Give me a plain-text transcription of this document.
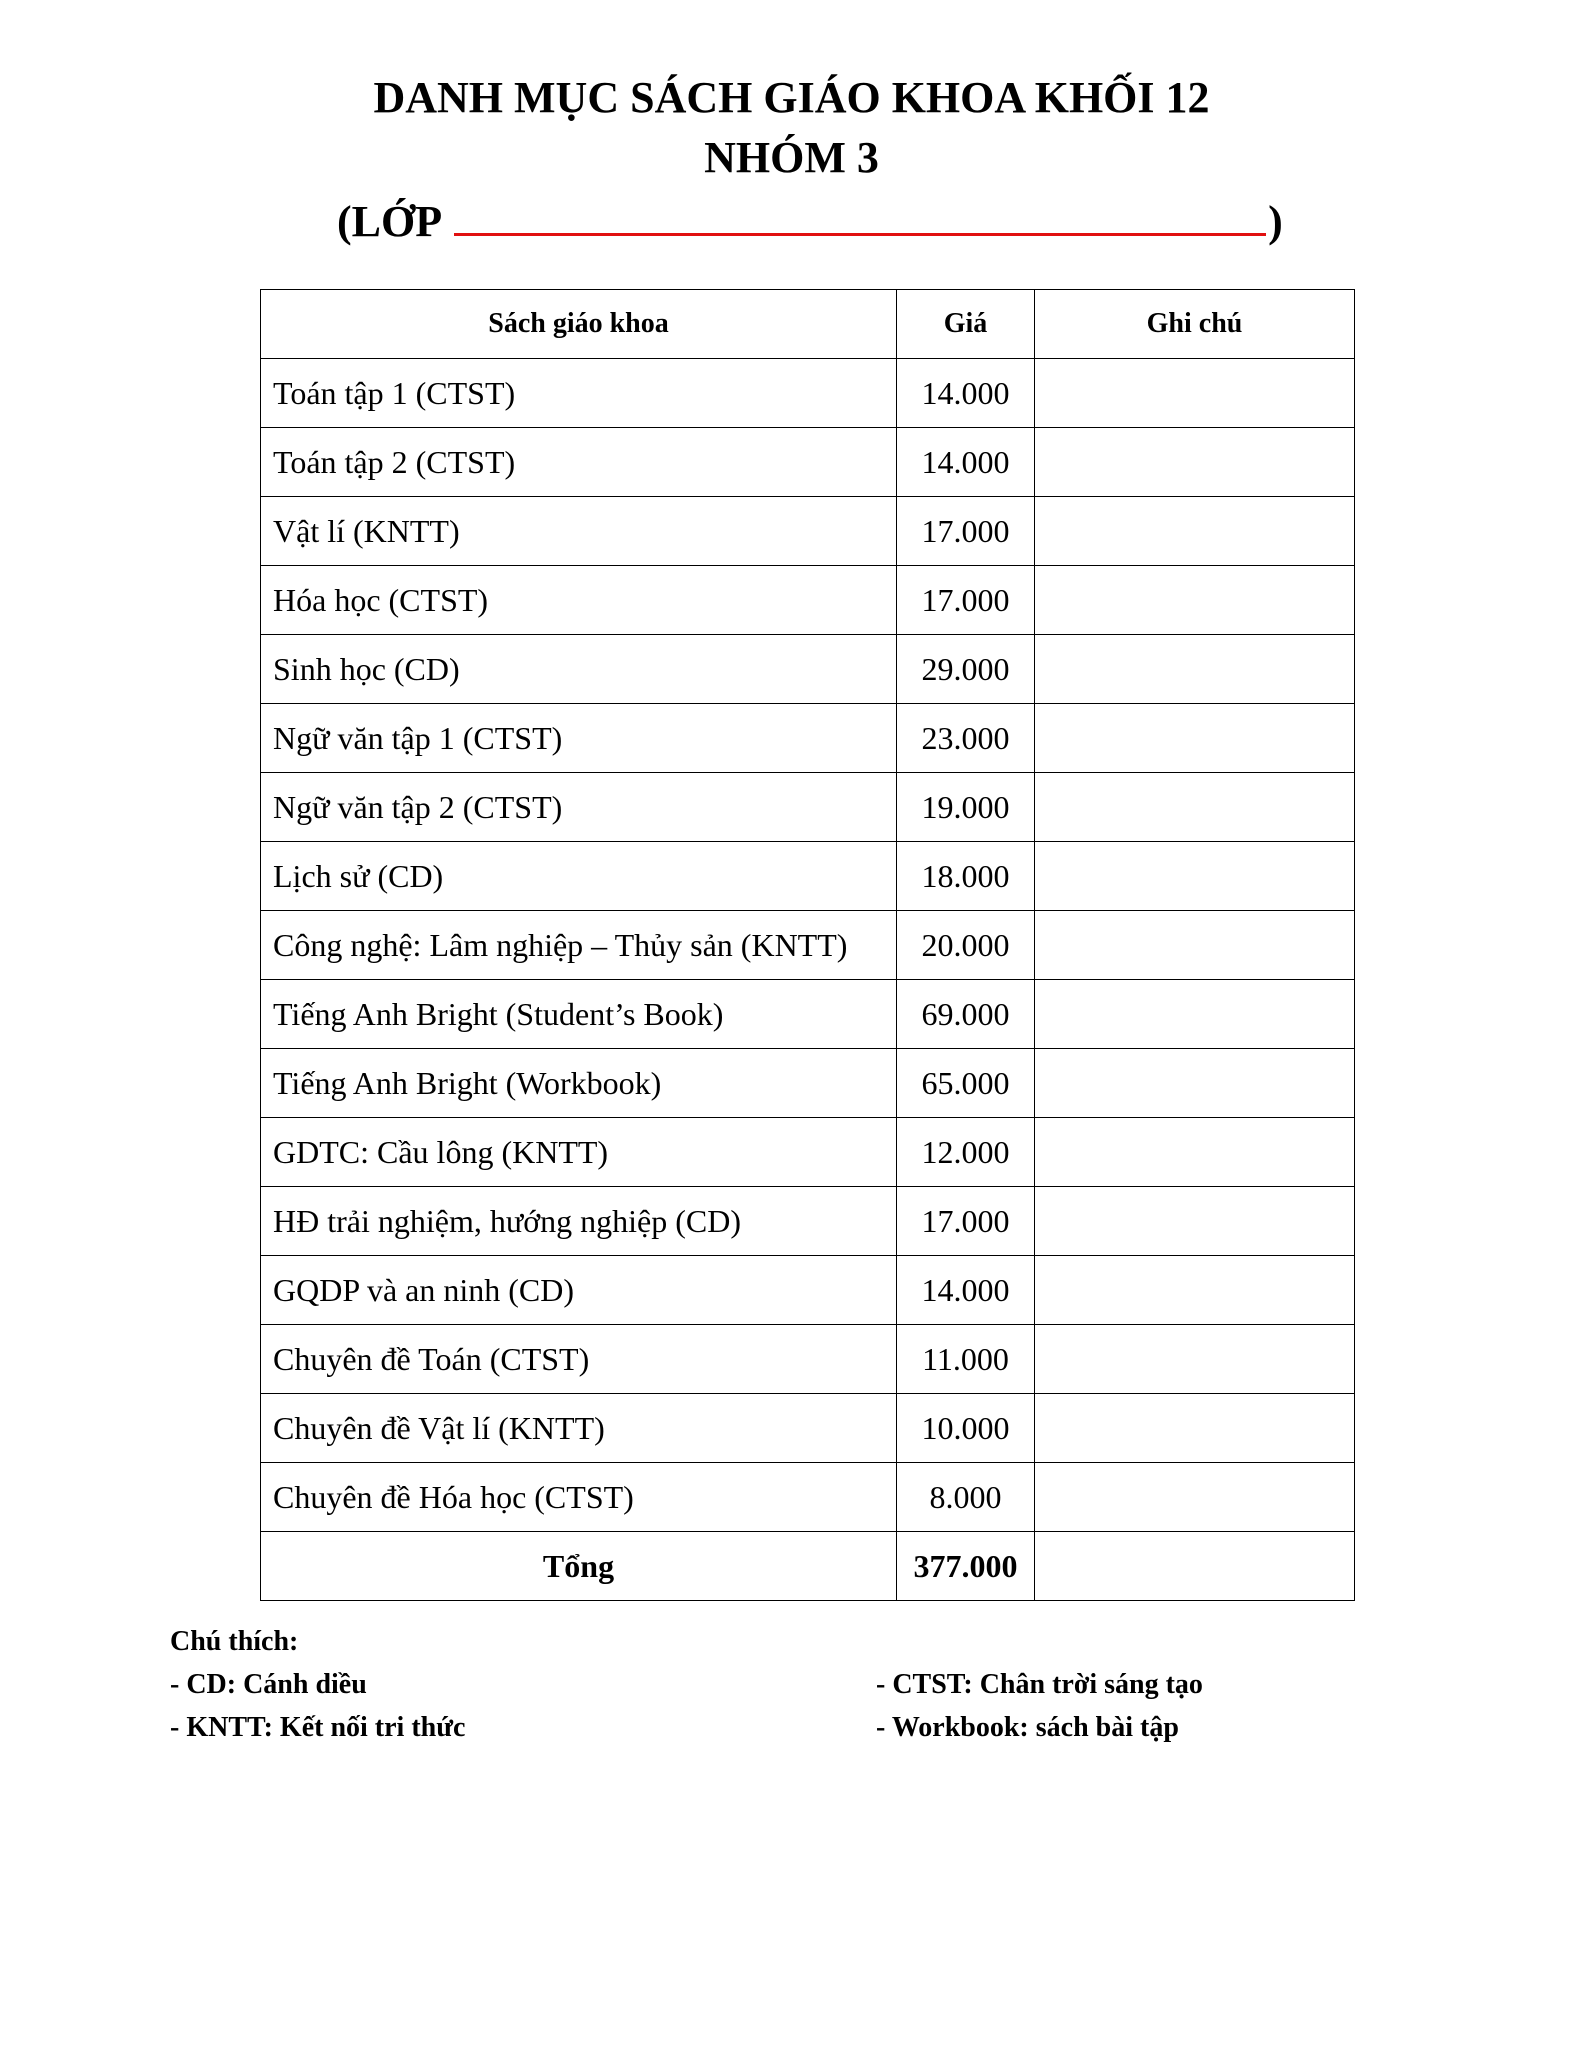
DANH MỤC SÁCH GIÁO KHOA KHỐI 12
NHÓM 3
(LỚP	)
Sách giáo khoa	Giá	Ghi chú
Toán tập 1 (CTST)	14.000	
Toán tập 2 (CTST)	14.000	
Vật lí (KNTT)	17.000	
Hóa học (CTST)	17.000	
Sinh học (CD)	29.000	
Ngữ văn tập 1 (CTST)	23.000	
Ngữ văn tập 2 (CTST)	19.000	
Lịch sử (CD)	18.000	
Công nghệ: Lâm nghiệp – Thủy sản (KNTT)	20.000	
Tiếng Anh Bright (Student’s Book)	69.000	
Tiếng Anh Bright (Workbook)	65.000	
GDTC: Cầu lông (KNTT)	12.000	
HĐ trải nghiệm, hướng nghiệp (CD)	17.000	
GQDP và an ninh (CD)	14.000	
Chuyên đề Toán (CTST)	11.000	
Chuyên đề Vật lí (KNTT)	10.000	
Chuyên đề Hóa học (CTST)	8.000	
Tổng	377.000	
Chú thích:
- CD: Cánh diều	- CTST: Chân trời sáng tạo
- KNTT: Kết nối tri thức	- Workbook: sách bài tập
